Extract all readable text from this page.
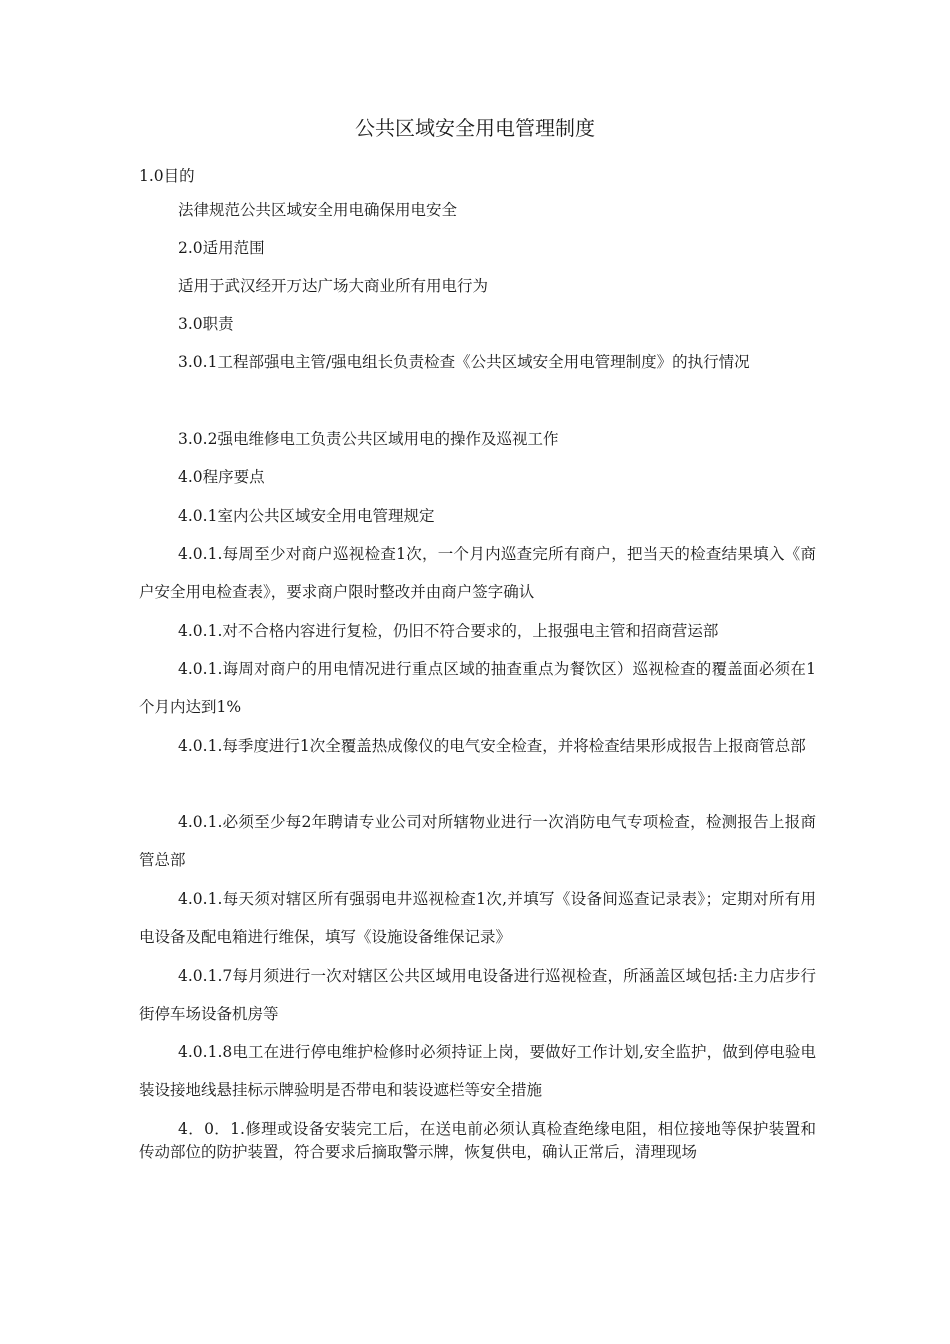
公共区域安全用电管理制度
1.0目的
法律规范公共区域安全用电确保用电安全
2.0适用范围
适用于武汉经开万达广场大商业所有用电行为
3.0职责

3.0.1工程部强电主管/强电组长负责检查《公共区域安全用电管理制度》的执行情况

3.0.2强电维修电工负责公共区域用电的操作及巡视工作
4.0程序要点
4.0.1室内公共区域安全用电管理规定

4.0.1.每周至少对商户巡视检查1次，一个月内巡查完所有商户，把当天的检查结果填入《商户安全用电检查表》，要求商户限时整改并由商户签字确认

4.0.1.对不合格内容进行复检，仍旧不符合要求的，上报强电主管和招商营运部

4.0.1.诲周对商户的用电情况进行重点区域的抽查重点为餐饮区）巡视检查的覆盖面必须在1个月内达到1%

4.0.1.每季度进行1次全覆盖热成像仪的电气安全检查，并将检查结果形成报告上报商管总部

4.0.1.必须至少每2年聘请专业公司对所辖物业进行一次消防电气专项检查，检测报告上报商管总部

4.0.1.每天须对辖区所有强弱电井巡视检查1次,并填写《设备间巡查记录表》；定期对所有用电设备及配电箱进行维保，填写《设施设备维保记录》

4.0.1.7每月须进行一次对辖区公共区域用电设备进行巡视检查，所涵盖区域包括:主力店步行街停车场设备机房等

4.0.1.8电工在进行停电维护检修时必须持证上岗，要做好工作计划,安全监护，做到停电验电装设接地线悬挂标示牌验明是否带电和装设遮栏等安全措施

4．0．1.修理或设备安装完工后，在送电前必须认真检查绝缘电阻，相位接地等保护装置和传动部位的防护装置，符合要求后摘取警示牌，恢复供电，确认正常后，清理现场
